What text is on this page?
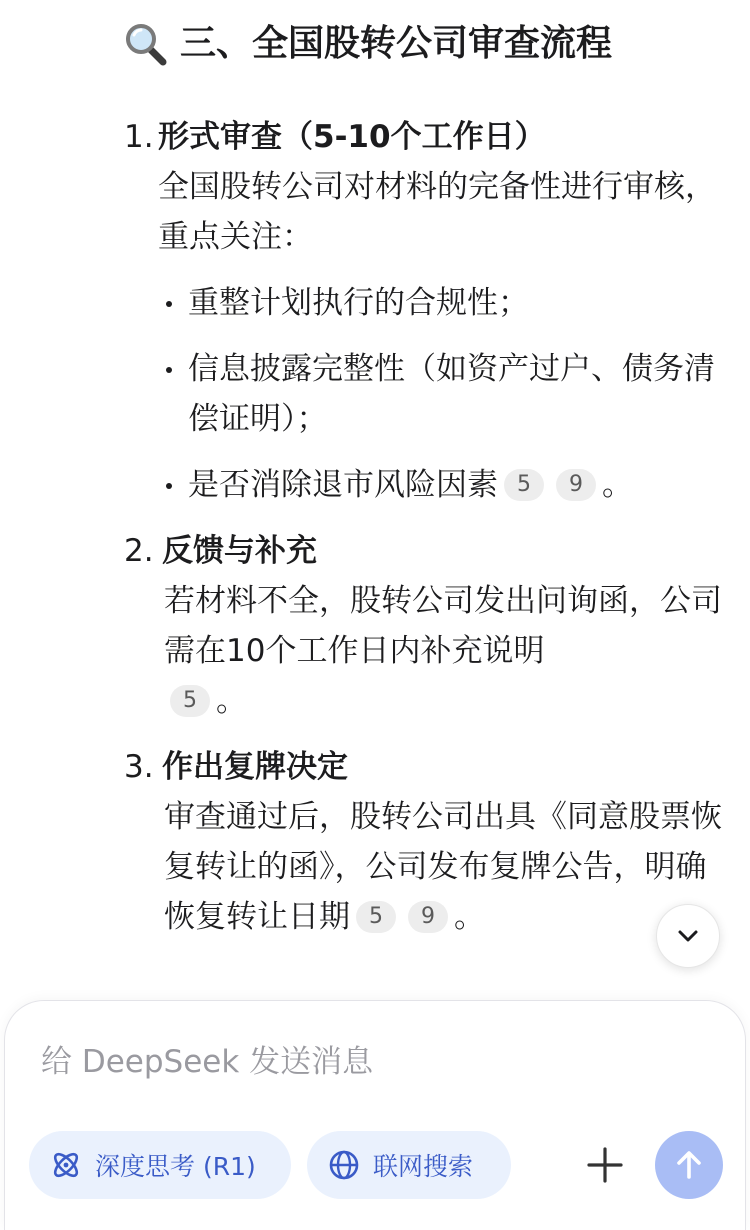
三、全国股转公司审查流程
1. 形式审查（5-10个工作日）
全国股转公司对材料的完备性进行审核，重点关注：
重整计划执行的合规性；
信息披露完整性（如资产过户、债务清偿证明）；
是否消除退市风险因素 5 9 。
2. 反馈与补充
若材料不全，股转公司发出问询函，公司需在10个工作日内补充说明
5 。
3. 作出复牌决定
审查通过后，股转公司出具《同意股票恢复转让的函》，公司发布复牌公告，明确恢复转让日期 5 9 。
给 DeepSeek 发送消息
深度思考 (R1)	联网搜索
